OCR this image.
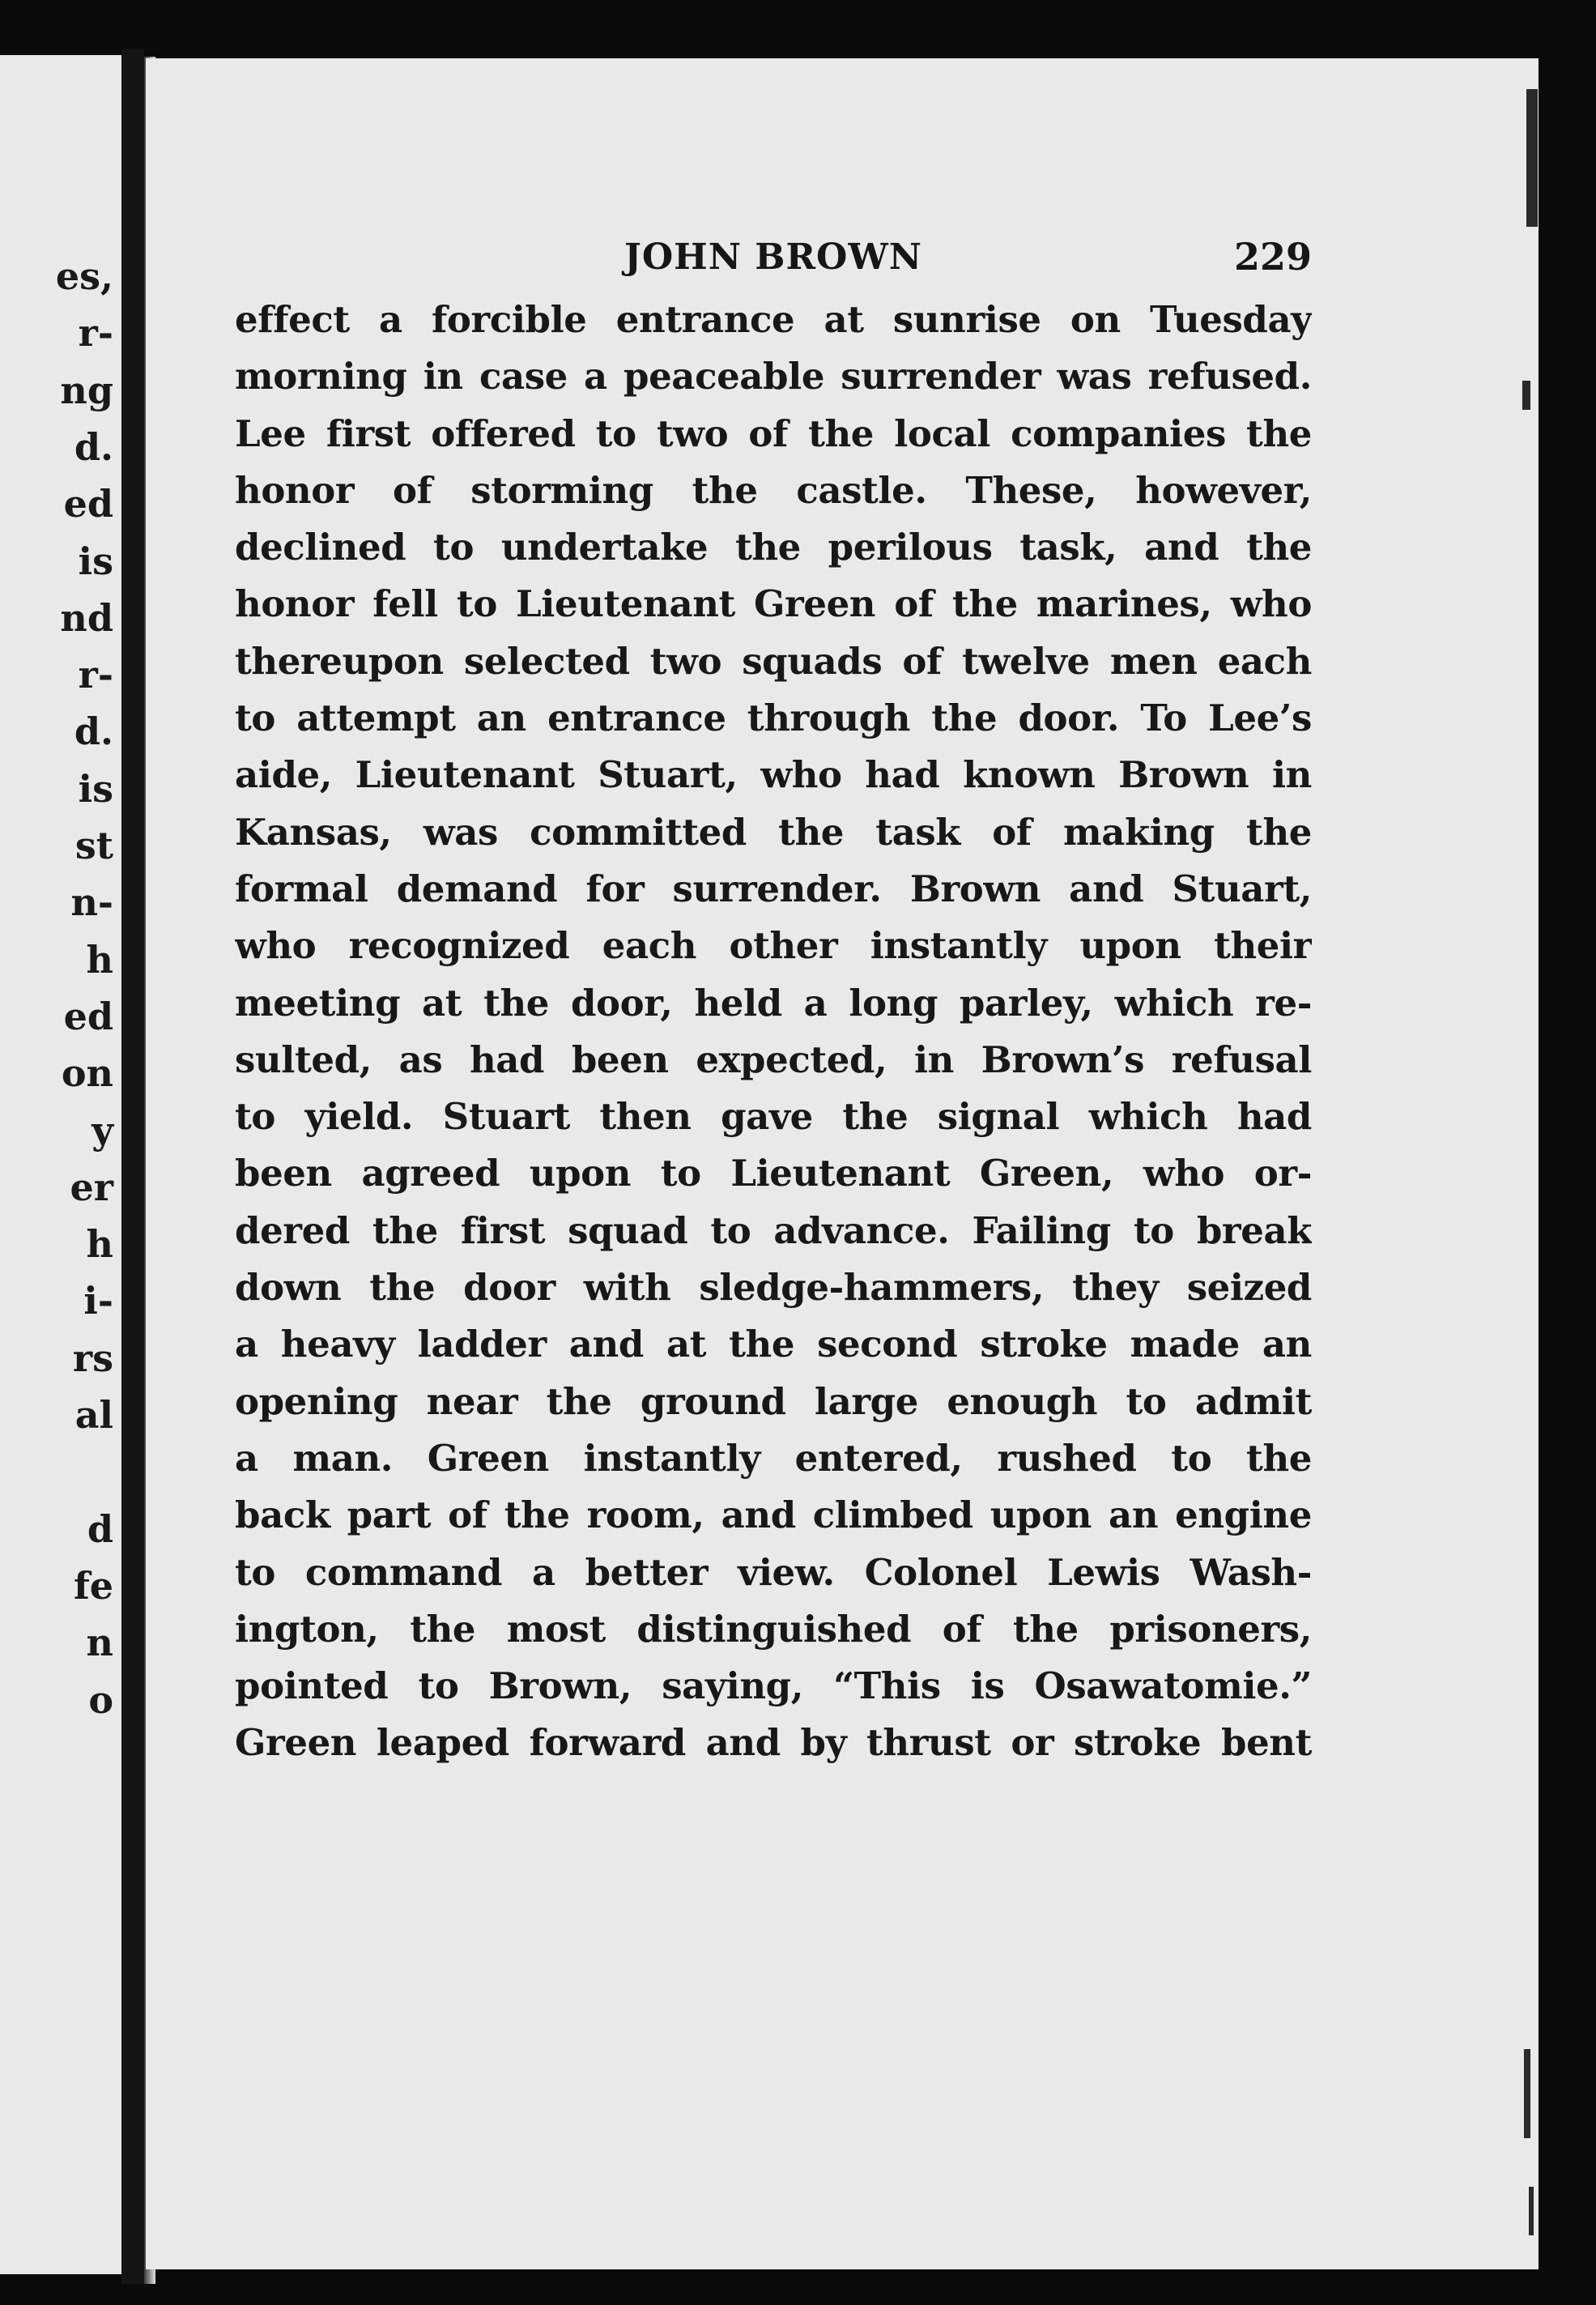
es,
r-
ng
d.
ed
is
nd
r-
d.
is
st
n-
h
ed
on
y
er
h
i-
rs
al
d
fe
n
o
JOHN BROWN	229
effect a forcible entrance at sunrise on Tuesday
morning in case a peaceable surrender was refused.
Lee first offered to two of the local companies the
honor of storming the castle. These, however,
declined to undertake the perilous task, and the
honor fell to Lieutenant Green of the marines, who
thereupon selected two squads of twelve men each
to attempt an entrance through the door. To Lee’s
aide, Lieutenant Stuart, who had known Brown in
Kansas, was committed the task of making the
formal demand for surrender. Brown and Stuart,
who recognized each other instantly upon their
meeting at the door, held a long parley, which re-
sulted, as had been expected, in Brown’s refusal
to yield. Stuart then gave the signal which had
been agreed upon to Lieutenant Green, who or-
dered the first squad to advance. Failing to break
down the door with sledge-hammers, they seized
a heavy ladder and at the second stroke made an
opening near the ground large enough to admit
a man. Green instantly entered, rushed to the
back part of the room, and climbed upon an engine
to command a better view. Colonel Lewis Wash-
ington, the most distinguished of the prisoners,
pointed to Brown, saying, “This is Osawatomie.”
Green leaped forward and by thrust or stroke bent
